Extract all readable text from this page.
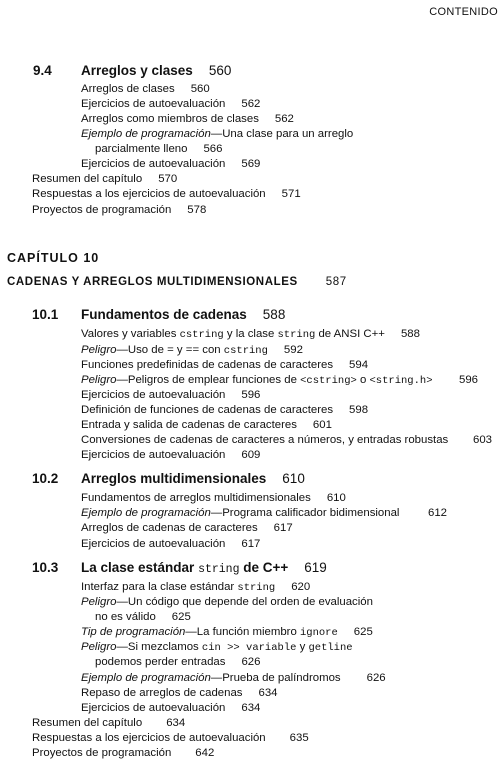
CONTENIDO
9.4 Arreglos y clases 560
Arreglos de clases 560
Ejercicios de autoevaluación 562
Arreglos como miembros de clases 562
Ejemplo de programación—Una clase para un arreglo
parcialmente lleno 566
Ejercicios de autoevaluación 569
Resumen del capítulo 570
Respuestas a los ejercicios de autoevaluación 571
Proyectos de programación 578
CAPÍTULO 10
CADENAS Y ARREGLOS MULTIDIMENSIONALES 587
10.1 Fundamentos de cadenas 588
Valores y variables cstring y la clase string de ANSI C++ 588
Peligro—Uso de = y == con cstring 592
Funciones predefinidas de cadenas de caracteres 594
Peligro—Peligros de emplear funciones de <cstring> o <string.h> 596
Ejercicios de autoevaluación 596
Definición de funciones de cadenas de caracteres 598
Entrada y salida de cadenas de caracteres 601
Conversiones de cadenas de caracteres a números, y entradas robustas 603
Ejercicios de autoevaluación 609
10.2 Arreglos multidimensionales 610
Fundamentos de arreglos multidimensionales 610
Ejemplo de programación—Programa calificador bidimensional	612
Arreglos de cadenas de caracteres 617
Ejercicios de autoevaluación 617
10.3 La clase estándar string de C++ 619
Interfaz para la clase estándar string 620
Peligro—Un código que depende del orden de evaluación
no es válido 625
Tip de programación—La función miembro ignore 625
Peligro—Si mezclamos cin >> variable y getline
podemos perder entradas 626
Ejemplo de programación—Prueba de palíndromos 626
Repaso de arreglos de cadenas 634
Ejercicios de autoevaluación 634
Resumen del capítulo 634
Respuestas a los ejercicios de autoevaluación 635
Proyectos de programación 642
